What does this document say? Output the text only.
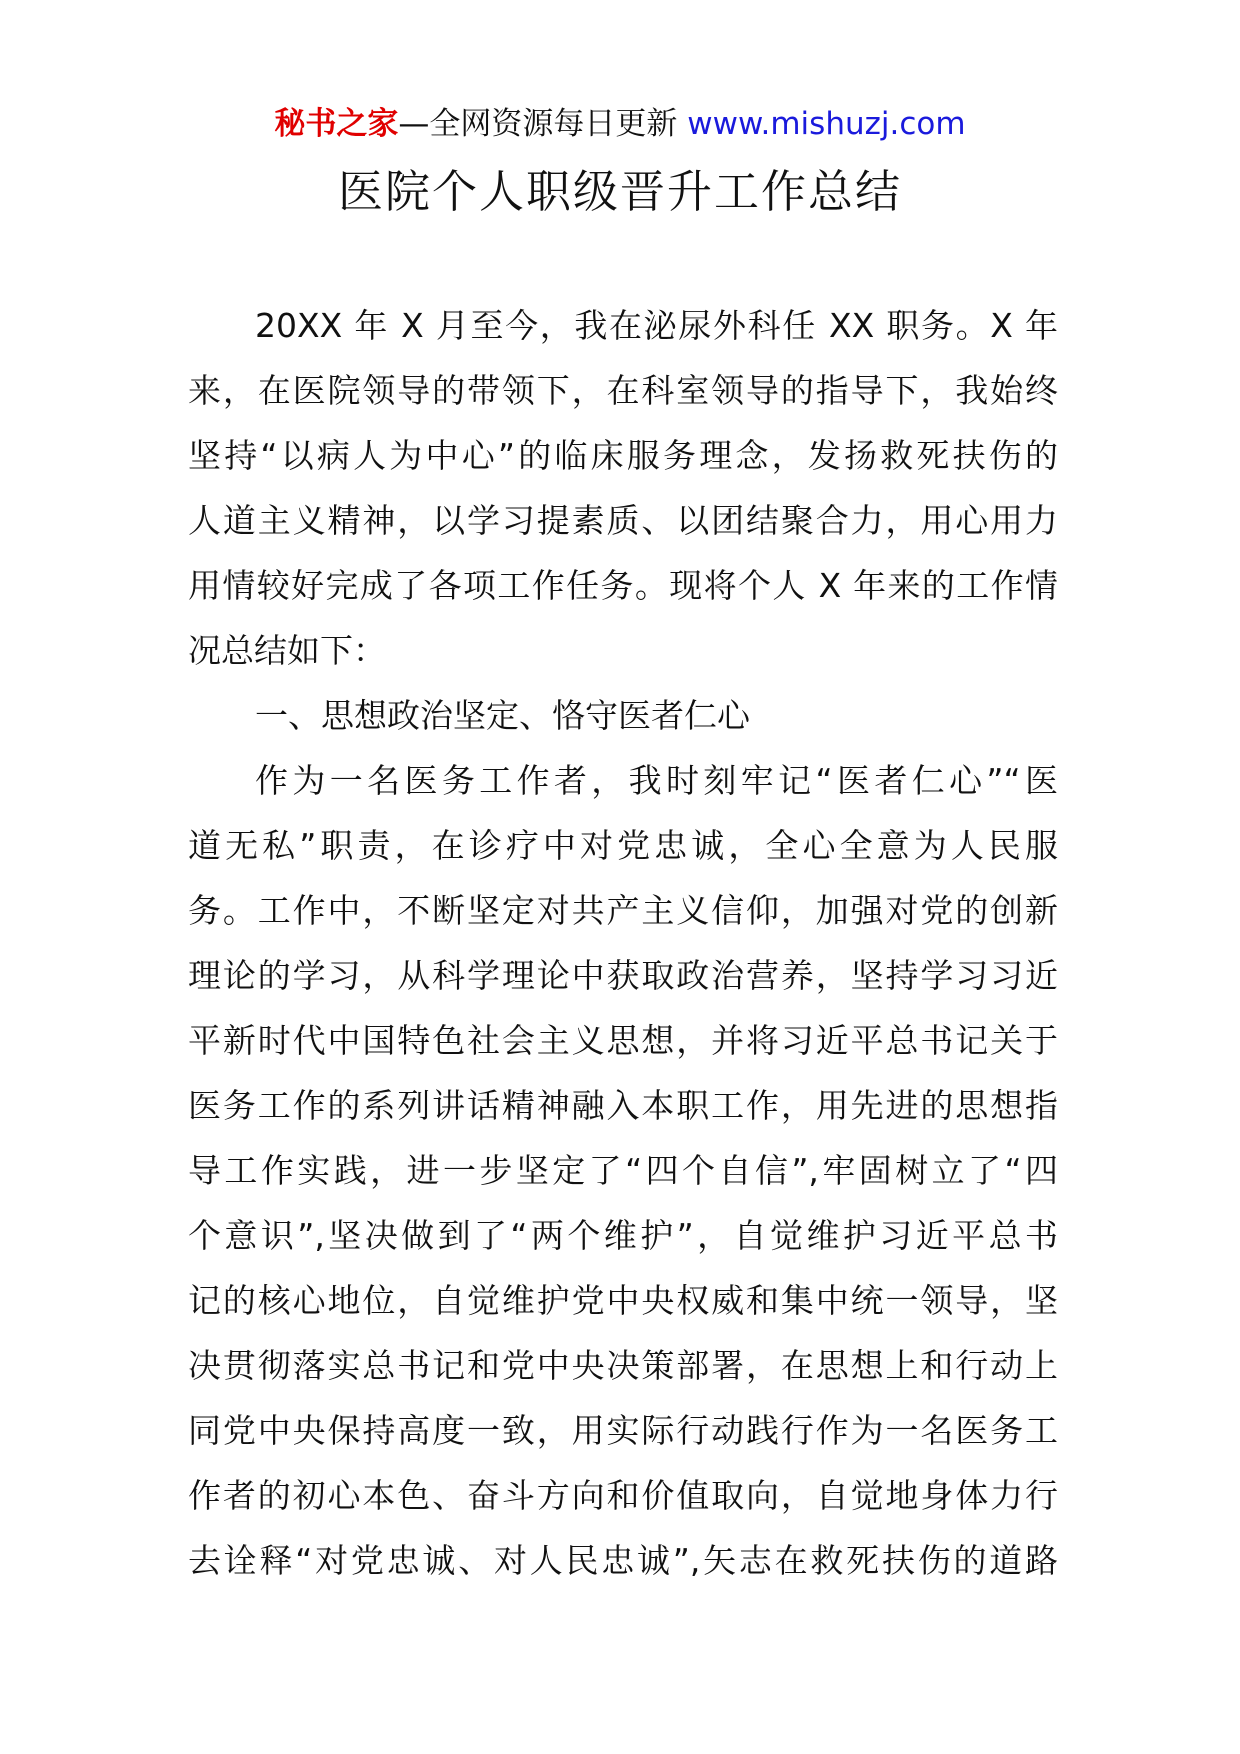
秘书之家—全网资源每日更新 www.mishuzj.com
医院个人职级晋升工作总结
20XX 年 X 月至今，我在泌尿外科任 XX 职务。X 年
来，在医院领导的带领下，在科室领导的指导下，我始终
坚持“以病人为中心”的临床服务理念，发扬救死扶伤的
人道主义精神，以学习提素质、以团结聚合力，用心用力
用情较好完成了各项工作任务。现将个人 X 年来的工作情
况总结如下：
一、思想政治坚定、恪守医者仁心
作为一名医务工作者，我时刻牢记“医者仁心”“医
道无私”职责，在诊疗中对党忠诚，全心全意为人民服
务。工作中，不断坚定对共产主义信仰，加强对党的创新
理论的学习，从科学理论中获取政治营养，坚持学习习近
平新时代中国特色社会主义思想，并将习近平总书记关于
医务工作的系列讲话精神融入本职工作，用先进的思想指
导工作实践，进一步坚定了“四个自信”,牢固树立了“四
个意识”,坚决做到了“两个维护”，自觉维护习近平总书
记的核心地位，自觉维护党中央权威和集中统一领导，坚
决贯彻落实总书记和党中央决策部署，在思想上和行动上
同党中央保持高度一致，用实际行动践行作为一名医务工
作者的初心本色、奋斗方向和价值取向，自觉地身体力行
去诠释“对党忠诚、对人民忠诚”,矢志在救死扶伤的道路
